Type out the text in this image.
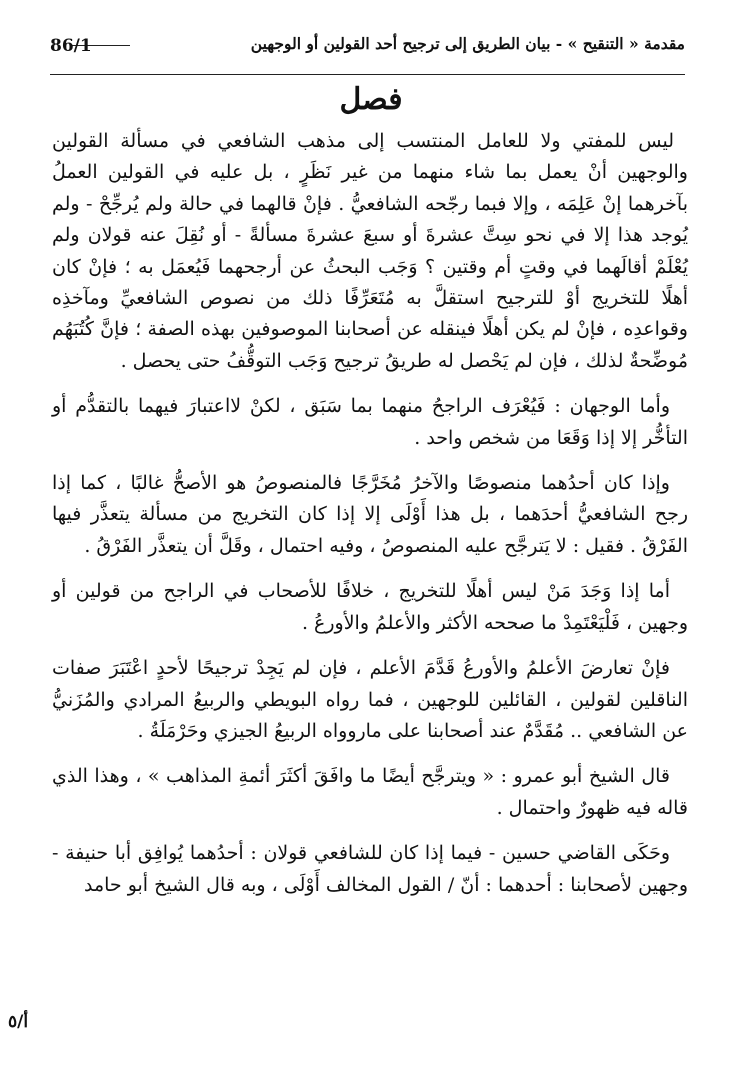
مقدمة « التنقيح » - بيان الطريق إلى ترجيح أحد القولين أو الوجهين
86/1
فصل

ليس للمفتي ولا للعامل المنتسب إلى مذهب الشافعي في مسألة القولين والوجهين أنْ يعمل بما شاء منهما من غير نَظَرٍ ، بل عليه في القولين العملُ بآخرهما إنْ عَلِمَه ، وإلا فبما رجّحه الشافعيُّ . فإنْ قالهما في حالة ولم يُرجِّحْ - ولم يُوجد هذا إلا في نحو سِتَّ عشرةَ أو سبعَ عشرةَ مسألةً - أو نُقِلَ عنه قولان ولم يُعْلَمْ أقالَهما في وقتٍ أم وقتين ؟ وَجَب البحثُ عن أرجحهما فَيُعمَل به ؛ فإنْ كان أهلًا للتخريج أوْ للترجيح استقلَّ به مُتَعَرِّفًا ذلك من نصوص الشافعيِّ ومآخذِه وقواعدِه ، فإنْ لم يكن أهلًا فينقله عن أصحابنا الموصوفين بهذه الصفة ؛ فإنَّ كُتُبَهُم مُوضِّحةٌ لذلك ، فإن لم يَحْصل له طريقُ ترجيح وَجَب التوقُّفُ حتى يحصل .

وأما الوجهان : فَيُعْرَف الراجحُ منهما بما سَبَق ، لكنْ لااعتبارَ فيهما بالتقدُّم أو التأخُّر إلا إذا وَقَعَا من شخص واحد .

وإذا كان أحدُهما منصوصًا والآخرُ مُخَرَّجًا فالمنصوصُ هو الأصحُّ غالبًا ، كما إذا رجح الشافعيُّ أحدَهما ، بل هذا أَوْلَى إلا إذا كان التخريج من مسألة يتعذَّر فيها الفَرْقُ . فقيل : لا يَترجَّح عليه المنصوصُ ، وفيه احتمال ، وقَلَّ أن يتعذَّر الفَرْقُ .

أما إذا وَجَدَ مَنْ ليس أهلًا للتخريج ، خلافًا للأصحاب في الراجح من قولين أو وجهين ، فَلْيَعْتَمِدْ ما صححه الأكثر والأعلمُ والأورعُ .

فإنْ تعارضَ الأعلمُ والأورعُ قَدَّمَ الأعلم ، فإن لم يَجِدْ ترجيحًا لأحدٍ اعْتَبَرَ صفات الناقلين لقولين ، القائلين للوجهين ، فما رواه البويطي والربيعُ المرادي والمُزَنيُّ عن الشافعي .. مُقَدَّمٌ عند أصحابنا على ماروواه الربيعُ الجيزي وحَرْمَلَةُ .

قال الشيخ أبو عمرو : « ويترجَّح أيضًا ما وافَقَ أكثَرَ أئمةِ المذاهب » ، وهذا الذي قاله فيه ظهورٌ واحتمال .

وحَكَى القاضي حسين - فيما إذا كان للشافعي قولان : أحدُهما يُوافِق أبا حنيفة - وجهين لأصحابنا : أحدهما : أنّ / القول المخالف أَوْلَى ، وبه قال الشيخ أبو حامد

أ/٥
